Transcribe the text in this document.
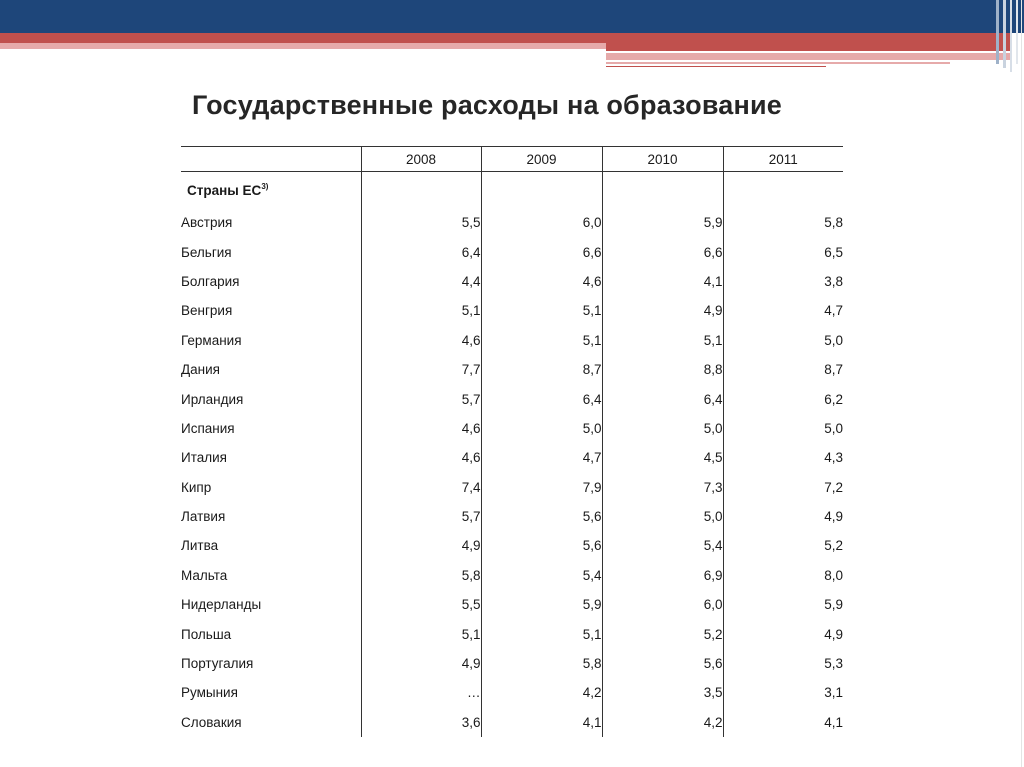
Государственные расходы на образование
	2008	2009	2010	2011
Страны ЕС$^{3)}$				
Австрия	5,5	6,0	5,9	5,8
Бельгия	6,4	6,6	6,6	6,5
Болгария	4,4	4,6	4,1	3,8
Венгрия	5,1	5,1	4,9	4,7
Германия	4,6	5,1	5,1	5,0
Дания	7,7	8,7	8,8	8,7
Ирландия	5,7	6,4	6,4	6,2
Испания	4,6	5,0	5,0	5,0
Италия	4,6	4,7	4,5	4,3
Кипр	7,4	7,9	7,3	7,2
Латвия	5,7	5,6	5,0	4,9
Литва	4,9	5,6	5,4	5,2
Мальта	5,8	5,4	6,9	8,0
Нидерланды	5,5	5,9	6,0	5,9
Польша	5,1	5,1	5,2	4,9
Португалия	4,9	5,8	5,6	5,3
Румыния	…	4,2	3,5	3,1
Словакия	3,6	4,1	4,2	4,1
